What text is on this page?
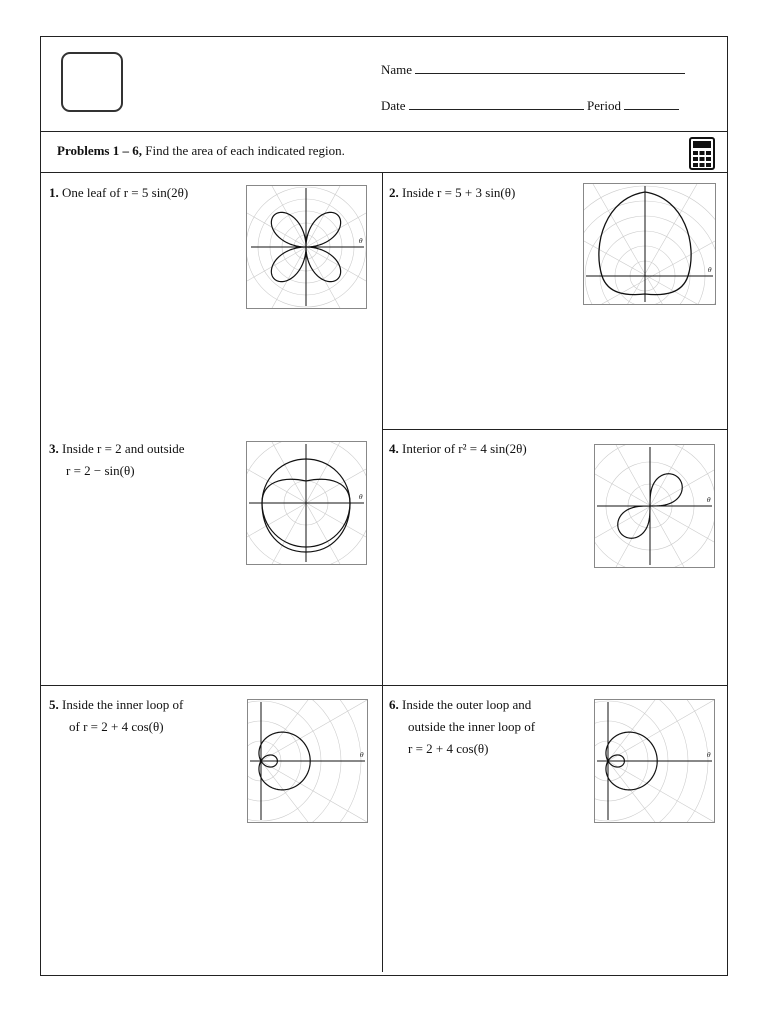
Name
Date	Period
Problems 1 – 6, Find the area of each indicated region.
1. One leaf of r = 5 sin(2θ)
θ
2. Inside r = 5 + 3 sin(θ)
θ
3. Inside r = 2 and outside
r = 2 − sin(θ)
θ
4. Interior of r² = 4 sin(2θ)
θ
5. Inside the inner loop of
of r = 2 + 4 cos(θ)
θ
6. Inside the outer loop and
outside the inner loop of
r = 2 + 4 cos(θ)	θ
